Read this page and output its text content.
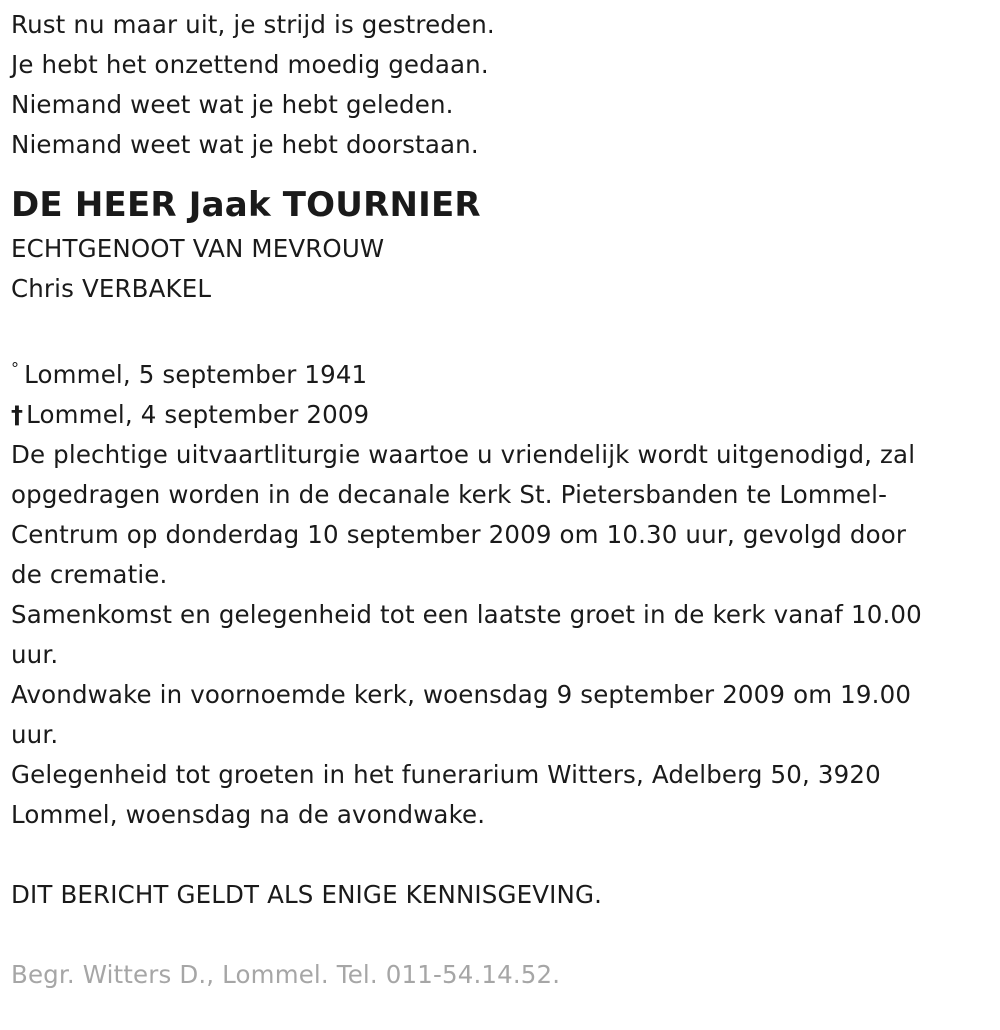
Rust nu maar uit, je strijd is gestreden.

Je hebt het onzettend moedig gedaan.

Niemand weet wat je hebt geleden.

Niemand weet wat je hebt doorstaan.

DE HEER Jaak TOURNIER

ECHTGENOOT VAN MEVROUW

Chris VERBAKEL

° Lommel, 5 september 1941

† Lommel, 4 september 2009

De plechtige uitvaartliturgie waartoe u vriendelijk wordt uitgenodigd, zal

opgedragen worden in de decanale kerk St. Pietersbanden te Lommel-

Centrum op donderdag 10 september 2009 om 10.30 uur, gevolgd door

de crematie.

Samenkomst en gelegenheid tot een laatste groet in de kerk vanaf 10.00

uur.

Avondwake in voornoemde kerk, woensdag 9 september 2009 om 19.00

uur.

Gelegenheid tot groeten in het funerarium Witters, Adelberg 50, 3920

Lommel, woensdag na de avondwake.

DIT BERICHT GELDT ALS ENIGE KENNISGEVING.

Begr. Witters D., Lommel. Tel. 011-54.14.52.
